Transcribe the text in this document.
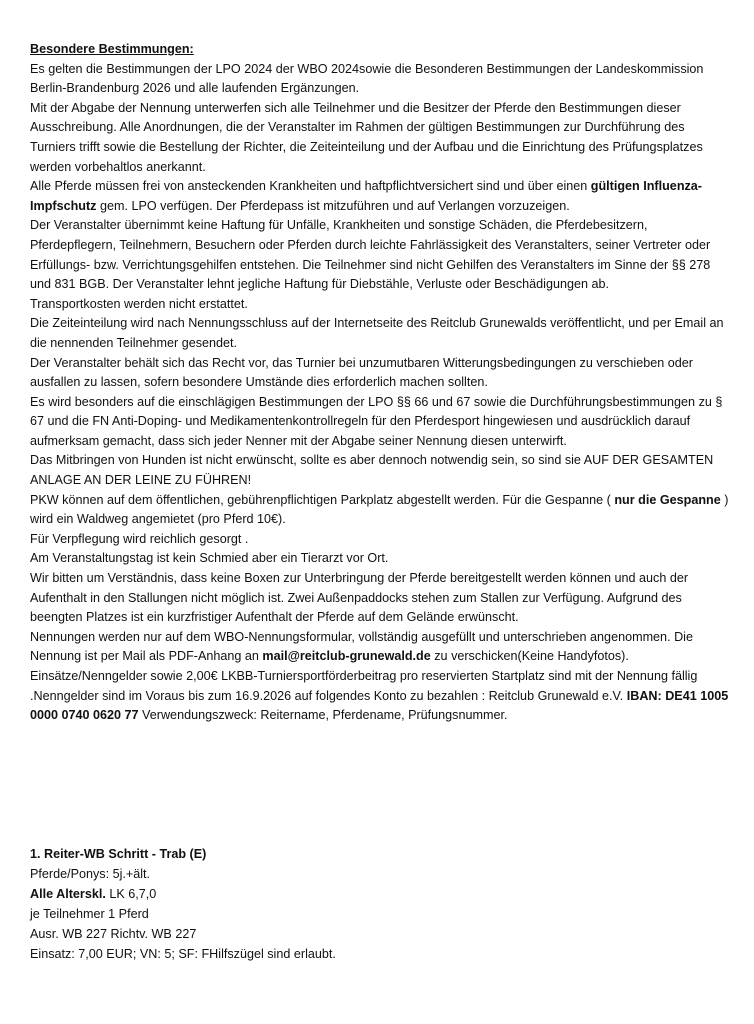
Besondere Bestimmungen:

Es gelten die Bestimmungen der LPO 2024 der WBO 2024sowie die Besonderen Bestimmungen der Landeskommission Berlin-Brandenburg 2026 und alle laufenden Ergänzungen.

Mit der Abgabe der Nennung unterwerfen sich alle Teilnehmer und die Besitzer der Pferde den Bestimmungen dieser Ausschreibung. Alle Anordnungen, die der Veranstalter im Rahmen der gültigen Bestimmungen zur Durchführung des Turniers trifft sowie die Bestellung der Richter, die Zeiteinteilung und der Aufbau und die Einrichtung des Prüfungsplatzes werden vorbehaltlos anerkannt.

Alle Pferde müssen frei von ansteckenden Krankheiten und haftpflichtversichert sind und über einen gültigen Influenza- Impfschutz gem. LPO verfügen. Der Pferdepass ist mitzuführen und auf Verlangen vorzuzeigen.

Der Veranstalter übernimmt keine Haftung für Unfälle, Krankheiten und sonstige Schäden, die Pferdebesitzern, Pferdepflegern, Teilnehmern, Besuchern oder Pferden durch leichte Fahrlässigkeit des Veranstalters, seiner Vertreter oder Erfüllungs- bzw. Verrichtungsgehilfen entstehen. Die Teilnehmer sind nicht Gehilfen des Veranstalters im Sinne der §§ 278 und 831 BGB. Der Veranstalter lehnt jegliche Haftung für Diebstähle, Verluste oder Beschädigungen ab.

Transportkosten werden nicht erstattet.

Die Zeiteinteilung wird nach Nennungsschluss auf der Internetseite des Reitclub Grunewalds veröffentlicht, und per Email an die nennenden Teilnehmer gesendet.

Der Veranstalter behält sich das Recht vor, das Turnier bei unzumutbaren Witterungsbedingungen zu verschieben oder ausfallen zu lassen, sofern besondere Umstände dies erforderlich machen sollten.

Es wird besonders auf die einschlägigen Bestimmungen der LPO §§ 66 und 67 sowie die Durchführungsbestimmungen zu § 67 und die FN Anti-Doping- und Medikamentenkontrollregeln für den Pferdesport hingewiesen und ausdrücklich darauf aufmerksam gemacht, dass sich jeder Nenner mit der Abgabe seiner Nennung diesen unterwirft.

Das Mitbringen von Hunden ist nicht erwünscht, sollte es aber dennoch notwendig sein, so sind sie AUF DER GESAMTEN ANLAGE AN DER LEINE ZU FÜHREN!

PKW können auf dem öffentlichen, gebührenpflichtigen Parkplatz abgestellt werden. Für die Gespanne ( nur die Gespanne ) wird ein Waldweg angemietet (pro Pferd 10€).

Für Verpflegung wird reichlich gesorgt .

Am Veranstaltungstag ist kein Schmied aber ein Tierarzt vor Ort.

Wir bitten um Verständnis, dass keine Boxen zur Unterbringung der Pferde bereitgestellt werden können und auch der Aufenthalt in den Stallungen nicht möglich ist. Zwei Außenpaddocks stehen zum Stallen zur Verfügung. Aufgrund des beengten Platzes ist ein kurzfristiger Aufenthalt der Pferde auf dem Gelände erwünscht.

Nennungen werden nur auf dem WBO-Nennungsformular, vollständig ausgefüllt und unterschrieben angenommen. Die Nennung ist per Mail als PDF-Anhang an mail@reitclub-grunewald.de zu verschicken(Keine Handyfotos). Einsätze/Nenngelder sowie 2,00€ LKBB-Turniersportförderbeitrag pro reservierten Startplatz sind mit der Nennung fällig .Nenngelder sind im Voraus bis zum 16.9.2026 auf folgendes Konto zu bezahlen : Reitclub Grunewald e.V. IBAN: DE41 1005 0000 0740 0620 77 Verwendungszweck: Reitername, Pferdename, Prüfungsnummer.

1. Reiter-WB Schritt - Trab (E)

Pferde/Ponys: 5j.+ält.

Alle Alterskl. LK 6,7,0

je Teilnehmer 1 Pferd

Ausr. WB 227 Richtv. WB 227

Einsatz: 7,00 EUR; VN: 5; SF: FHilfszügel sind erlaubt.
